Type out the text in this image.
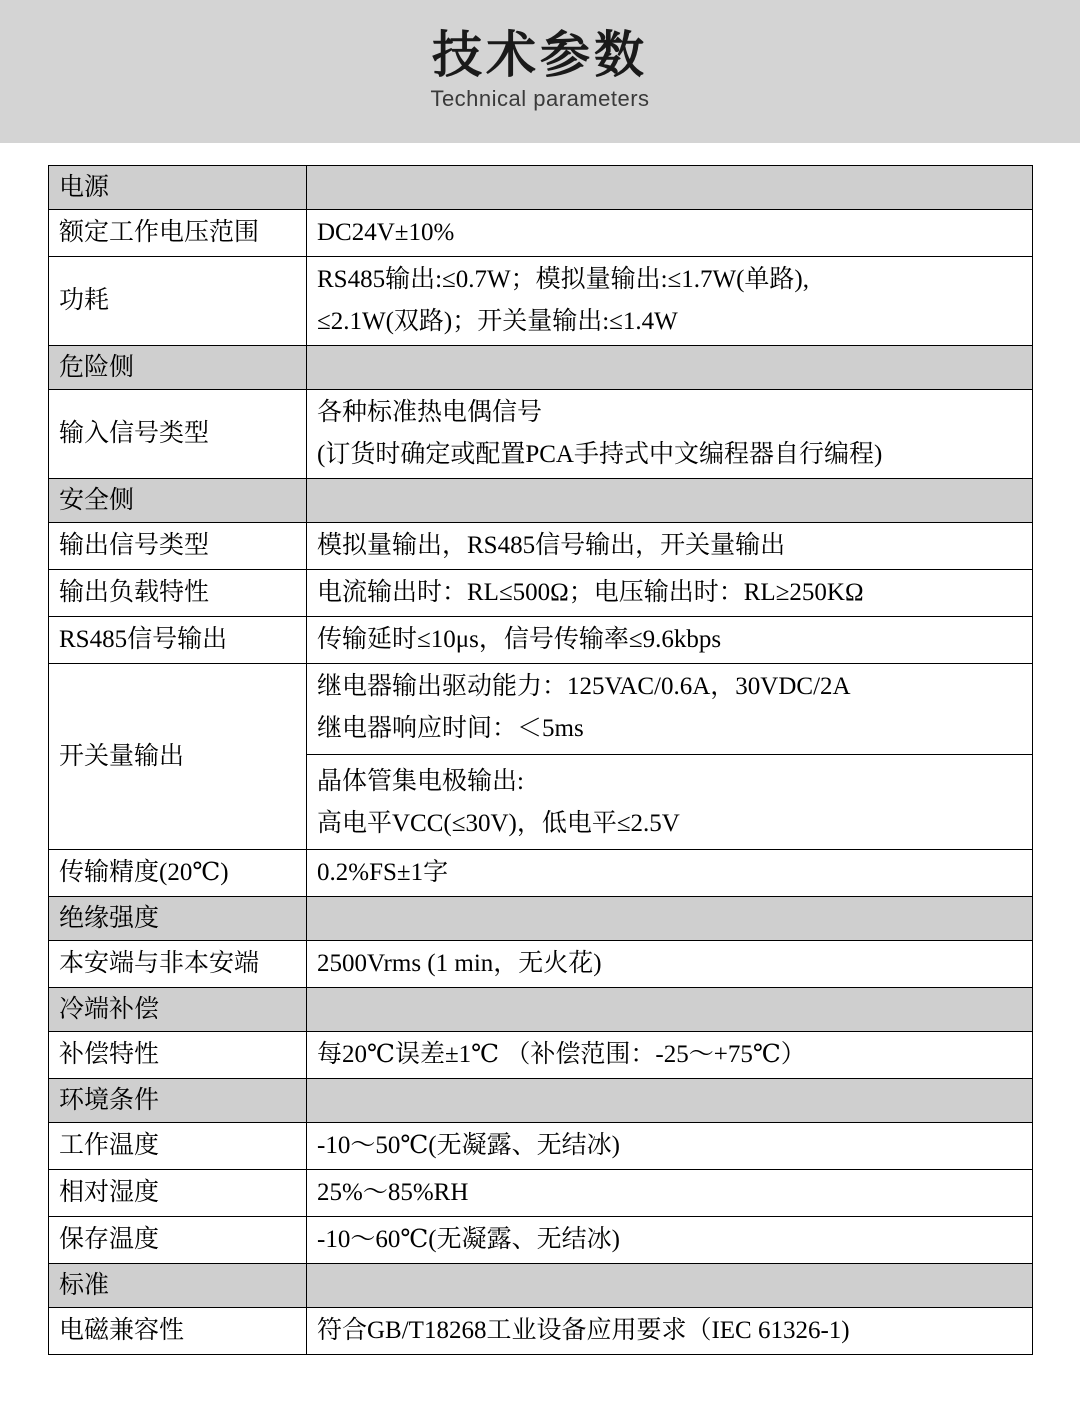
技术参数
Technical parameters
电源	
额定工作电压范围	DC24V±10%

功耗	RS485输出:≤0.7W；模拟量输出:≤1.7W(单路),
≤2.1W(双路)；开关量输出:≤1.4W

危险侧	
输入信号类型	各种标准热电偶信号
(订货时确定或配置PCA手持式中文编程器自行编程)

安全侧	
输出信号类型	模拟量输出，RS485信号输出，开关量输出

输出负载特性	电流输出时：RL≤500Ω；电压输出时：RL≥250KΩ

RS485信号输出	传输延时≤10μs，信号传输率≤9.6kbps

开关量输出	继电器输出驱动能力：125VAC/0.6A，30VDC/2A
继电器响应时间：＜5ms
晶体管集电极输出:
高电平VCC(≤30V)，低电平≤2.5V

传输精度(20℃)	0.2%FS±1字

绝缘强度	
本安端与非本安端	2500Vrms (1 min，无火花)

冷端补偿	
补偿特性	每20℃误差±1℃ （补偿范围：-25～+75℃）

环境条件	
工作温度	-10～50℃(无凝露、无结冰)

相对湿度	25%～85%RH

保存温度	-10～60℃(无凝露、无结冰)

标准	
电磁兼容性	符合GB/T18268工业设备应用要求（IEC 61326-1)
